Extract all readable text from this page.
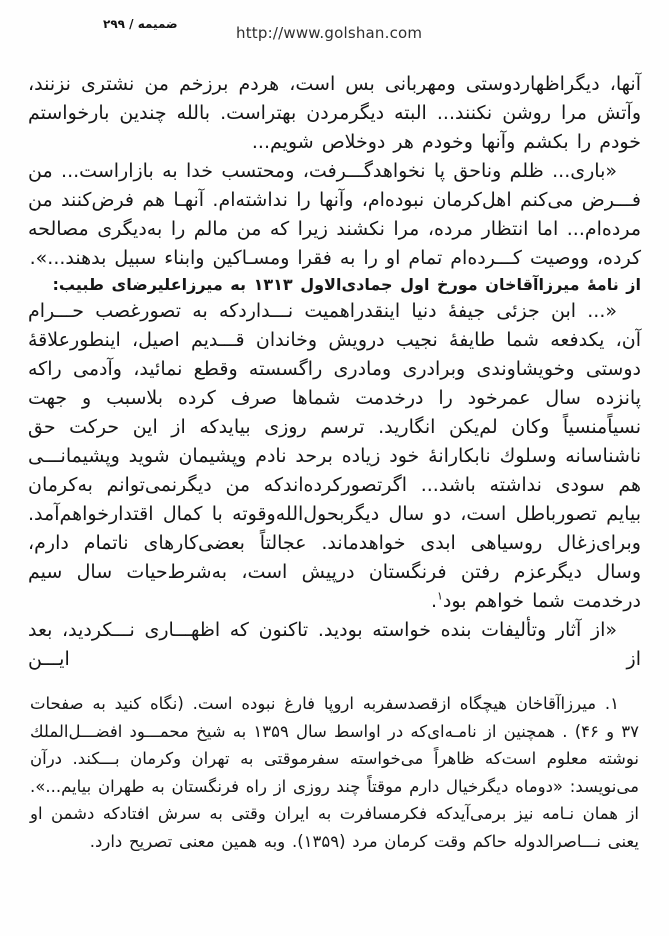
ضميمه / ۲۹۹	http://www.golshan.com

آنها، ديگراظهاردوستى ومهربانى بس است، هردم برزخم من نشترى نزنند، وآتش مرا روشن نكنند... البته ديگرمردن بهتراست. بالله چندين بارخواستم خودم را بكشم وآنها وخودم هر دوخلاص شويم...

«بارى... ظلم وناحق پا نخواهدگـــرفت، ومحتسب خدا به بازاراست... من فـــرض مى‌كنم اهل‌كرمان نبوده‌ام، وآنها را نداشته‌ام. آنهـا هم فرض‌كنند من مرده‌ام... اما انتظار مرده، مرا نكشند زيرا كه من مالم را به‌ديگرى مصالحه كرده، ووصيت كـــرده‌ام تمام او را به فقرا ومسـاكين وابناء سبيل بدهند...».

از نامهٔ ميرزاآقاخان مورخ اول جمادى‌الاول ۱۳۱۳ به ميرزاعليرضاى طبيب:

«... ابن جزئى جيفهٔ دنيا اينقدراهميت نـــداردكه به تصورغصب حـــرام آن، يكدفعه شما طايفهٔ نجيب درويش وخاندان قـــديم اصيل، اينطورعلاقهٔ دوستى وخويشاوندى وبرادرى ومادرى راگسسته وقطع نمائيد، وآدمى راكه پانزده سال عمرخود را درخدمت شماها صرف كرده بلاسبب و جهت نسياًمنسياً وكان لم‌يكن انگاريد. ترسم روزى بيايدكه از اين حركت حق ناشناسانه وسلوك نابكارانهٔ خود زياده برحد نادم وپشيمان شويد وپشيمانـــى هم سودى نداشته باشد... اگرتصوركرده‌اندكه من ديگرنمى‌توانم به‌كرمان بيايم تصورباطل است، دو سال ديگربحول‌الله‌وقوته با كمال اقتدارخواهم‌آمد. وبراى‌زغال روسياهى ابدى خواهدماند. عجالتاً بعضى‌كارهاى ناتمام دارم، وسال ديگرعزم رفتن فرنگستان درپيش است، به‌شرط‌حيات سال سيم درخدمت شما خواهم بود$^۱$.

«از آثار وتأليفات بنده خواسته بوديد. تاكنون كه اظهـــارى نـــكرديد، بعد از ايـــن

۱. ميرزاآقاخان هيچگاه ازقصدسفربه اروپا فارغ نبوده است. (نگاه كنيد به صفحات ۳۷ و ۴۶) . همچنين از نامـه‌اى‌كه در اواسط سال ۱۳۵۹ به شيخ محمـــود افضـــل‌الملك نوشته معلوم است‌كه ظاهراً مى‌خواسته سفرموقتى به تهران وكرمان بـــكند. درآن مى‌نويسد: «دوماه ديگرخيال دارم موقتاً چند روزى از راه فرنگستان به طهران بيايم...». از همان نـامه نيز برمى‌آيدكه فكرمسافرت به ايران وقتى به سرش افتادكه دشمن او يعنى نـــاصرالدوله حاكم وقت كرمان مرد (۱۳۵۹). وبه همين معنى تصريح دارد.
